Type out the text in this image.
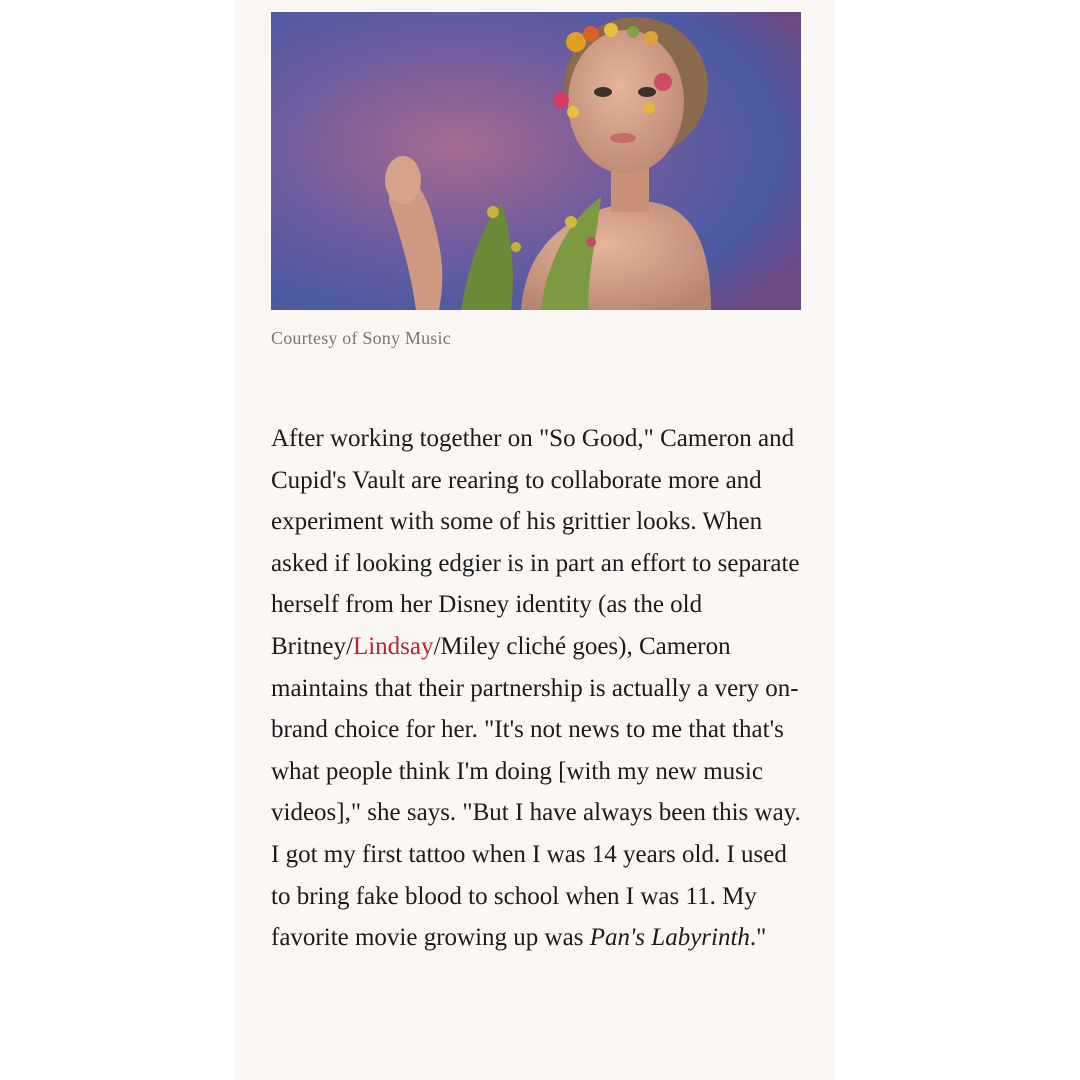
Courtesy of Sony Music

After working together on "So Good," Cameron and Cupid's Vault are rearing to collaborate more and experiment with some of his grittier looks. When asked if looking edgier is in part an effort to separate herself from her Disney identity (as the old Britney/Lindsay/Miley cliché goes), Cameron maintains that their partnership is actually a very on-brand choice for her. "It's not news to me that that's what people think I'm doing [with my new music videos]," she says. "But I have always been this way. I got my first tattoo when I was 14 years old. I used to bring fake blood to school when I was 11. My favorite movie growing up was Pan's Labyrinth."
